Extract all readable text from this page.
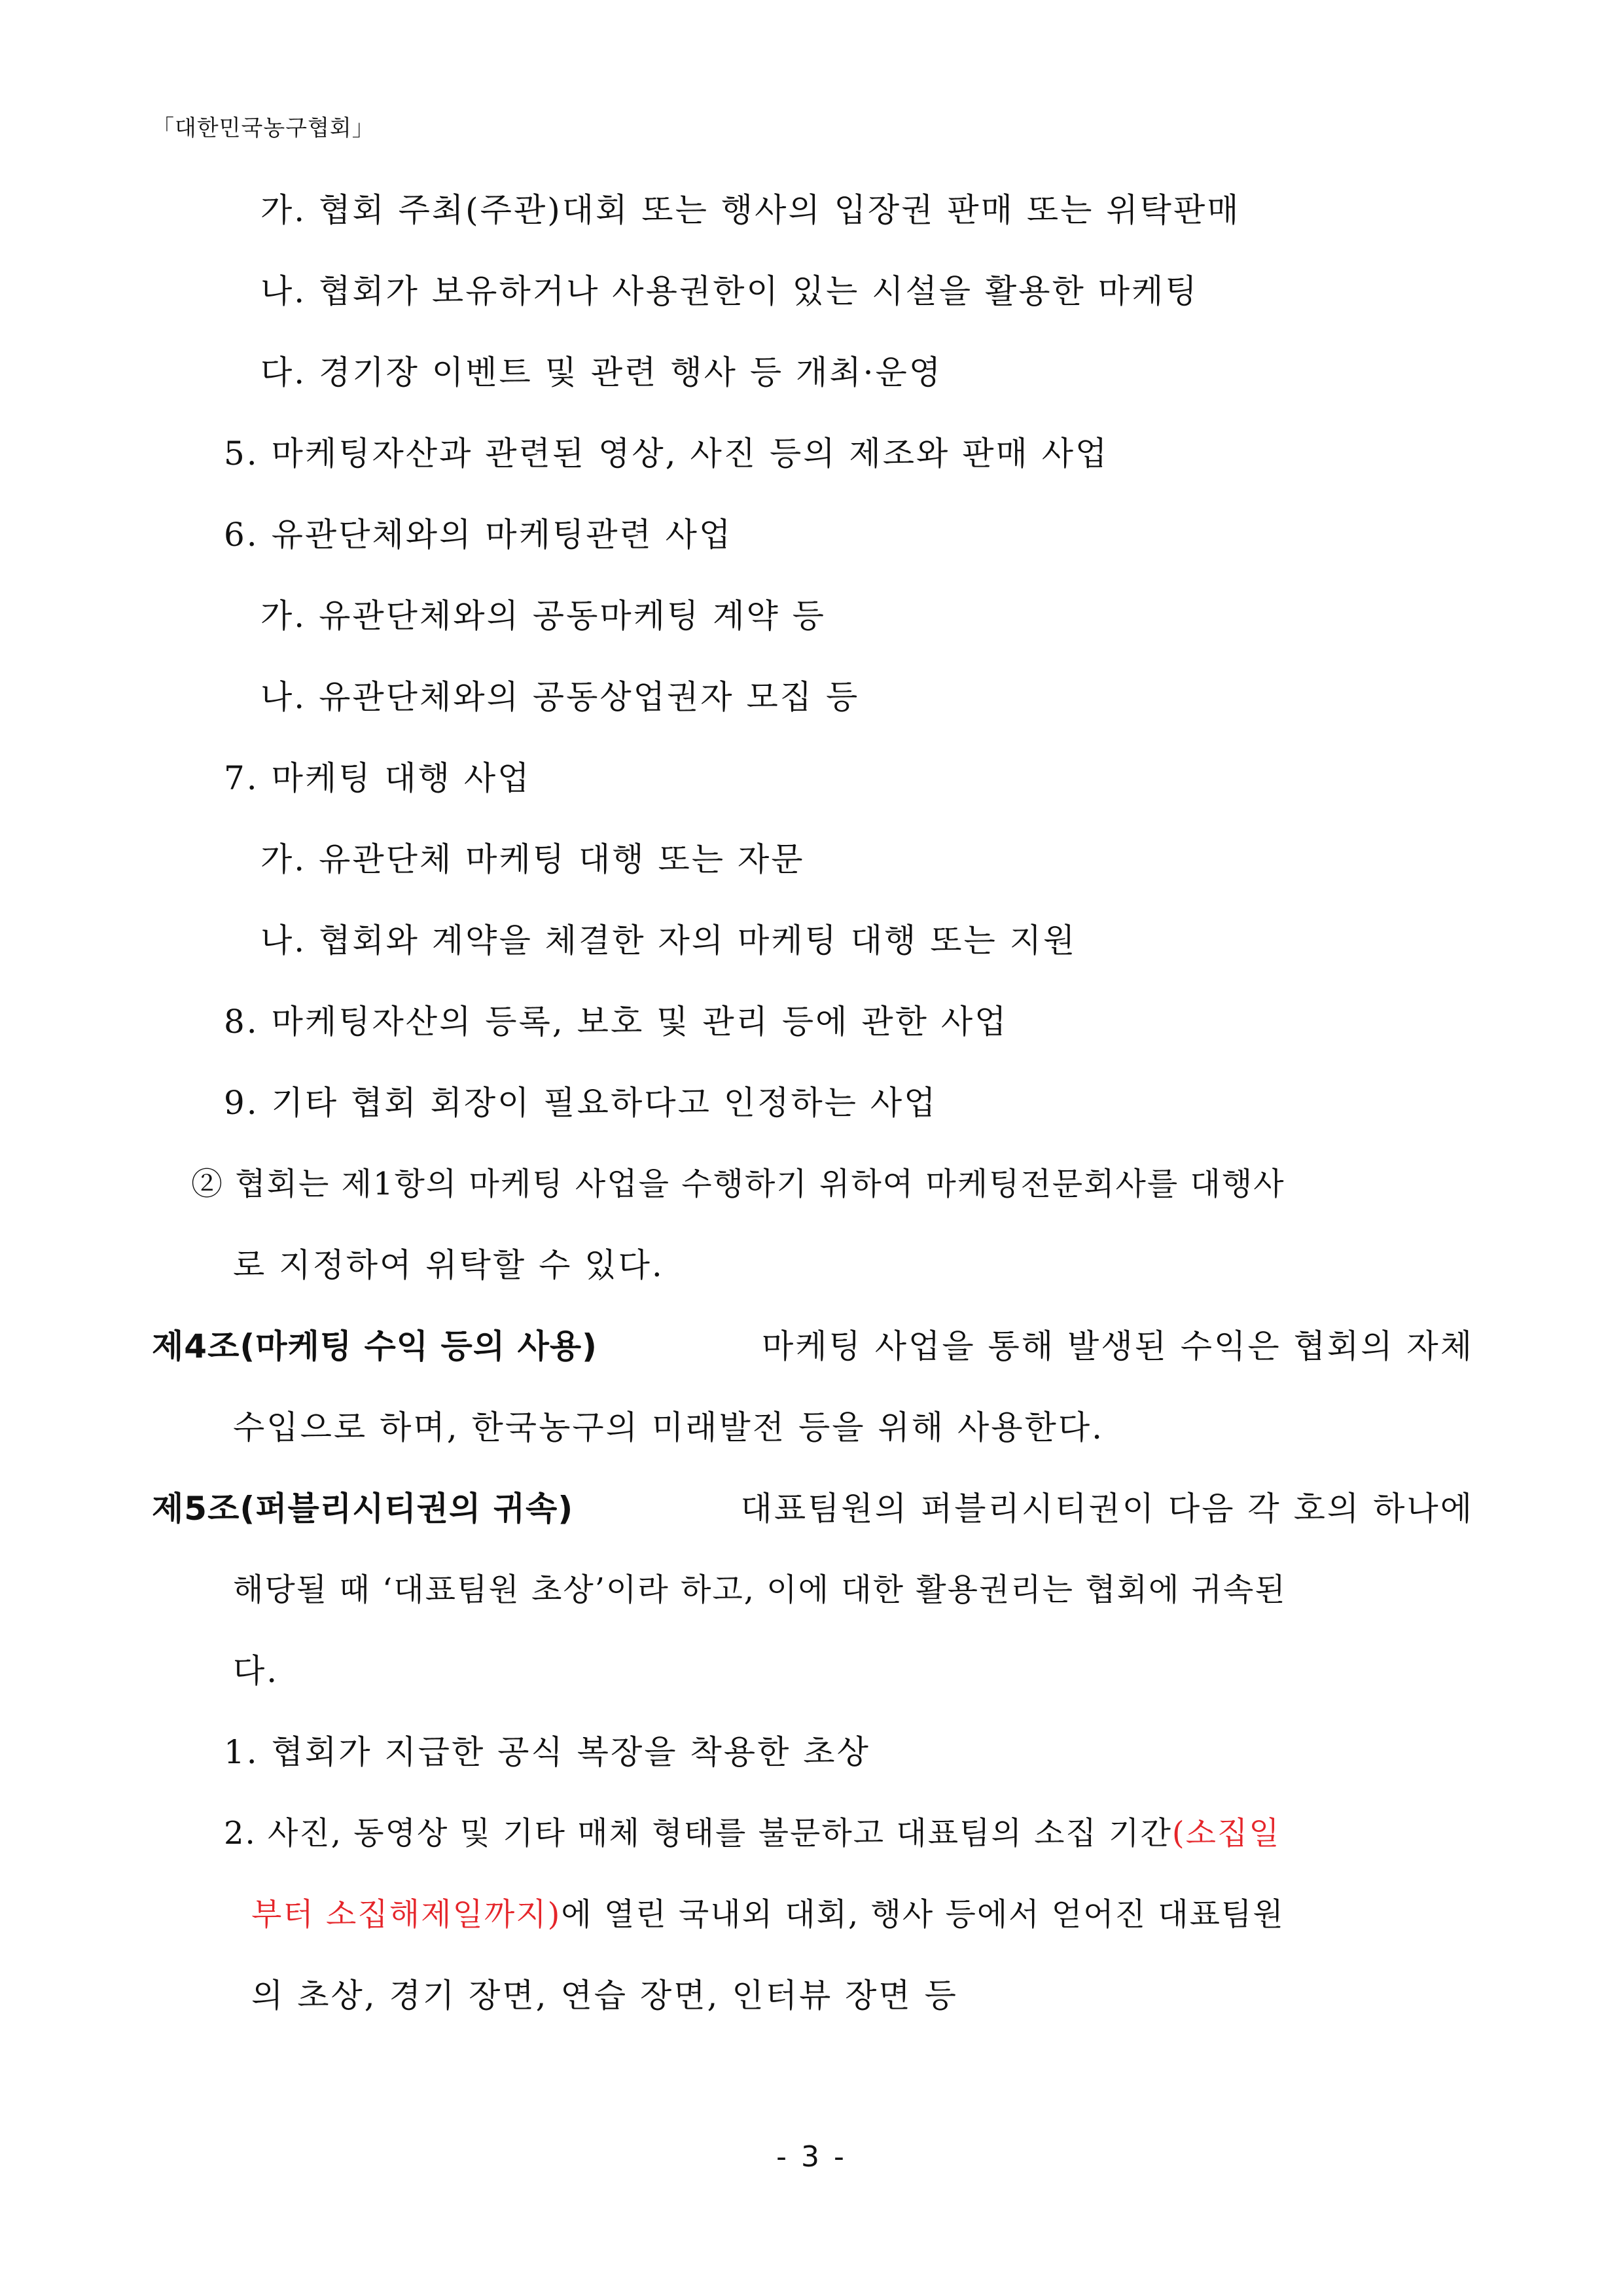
「대한민국농구협회」
가. 협회 주최(주관)대회 또는 행사의 입장권 판매 또는 위탁판매
나. 협회가 보유하거나 사용권한이 있는 시설을 활용한 마케팅
다. 경기장 이벤트 및 관련 행사 등 개최·운영
5. 마케팅자산과 관련된 영상, 사진 등의 제조와 판매 사업
6. 유관단체와의 마케팅관련 사업
가. 유관단체와의 공동마케팅 계약 등
나. 유관단체와의 공동상업권자 모집 등
7. 마케팅 대행 사업
가. 유관단체 마케팅 대행 또는 자문
나. 협회와 계약을 체결한 자의 마케팅 대행 또는 지원
8. 마케팅자산의 등록, 보호 및 관리 등에 관한 사업
9. 기타 협회 회장이 필요하다고 인정하는 사업
② 협회는 제1항의 마케팅 사업을 수행하기 위하여 마케팅전문회사를 대행사
로 지정하여 위탁할 수 있다.
제4조(마케팅 수익 등의 사용)	마케팅 사업을 통해 발생된 수익은 협회의 자체
수입으로 하며, 한국농구의 미래발전 등을 위해 사용한다.
제5조(퍼블리시티권의 귀속)	대표팀원의 퍼블리시티권이 다음 각 호의 하나에
해당될 때 ‘대표팀원 초상’이라 하고, 이에 대한 활용권리는 협회에 귀속된
다.
1. 협회가 지급한 공식 복장을 착용한 초상
2. 사진, 동영상 및 기타 매체 형태를 불문하고 대표팀의 소집 기간(소집일
부터 소집해제일까지)에 열린 국내외 대회, 행사 등에서 얻어진 대표팀원
의 초상, 경기 장면, 연습 장면, 인터뷰 장면 등
- 3 -
